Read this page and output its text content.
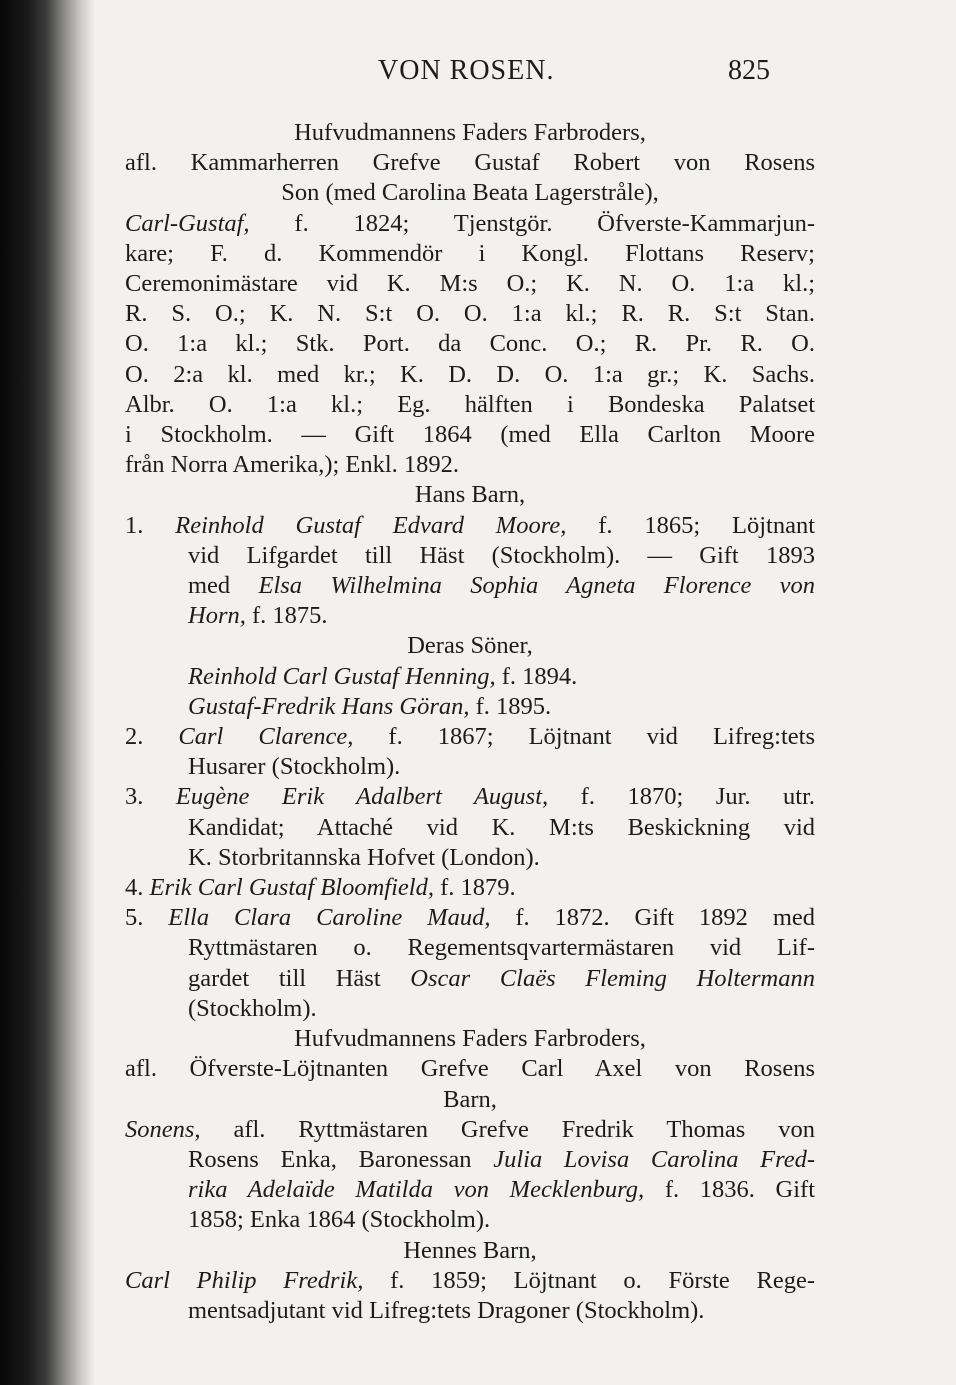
VON ROSEN.	825
Hufvudmannens Faders Farbroders,
afl. Kammarherren Grefve Gustaf Robert von Rosens
Son (med Carolina Beata Lagerstråle),
Carl-Gustaf, f. 1824; Tjenstgör. Öfverste-Kammarjun-
kare; F. d. Kommendör i Kongl. Flottans Reserv;
Ceremonimästare vid K. M:s O.; K. N. O. 1:a kl.;
R. S. O.; K. N. S:t O. O. 1:a kl.; R. R. S:t Stan.
O. 1:a kl.; Stk. Port. da Conc. O.; R. Pr. R. O.
O. 2:a kl. med kr.; K. D. D. O. 1:a gr.; K. Sachs.
Albr. O. 1:a kl.; Eg. hälften i Bondeska Palatset
i Stockholm. — Gift 1864 (med Ella Carlton Moore
från Norra Amerika,); Enkl. 1892.
Hans Barn,
1. Reinhold Gustaf Edvard Moore, f. 1865; Löjtnant
vid Lifgardet till Häst (Stockholm). — Gift 1893
med Elsa Wilhelmina Sophia Agneta Florence von
Horn, f. 1875.
Deras Söner,
Reinhold Carl Gustaf Henning, f. 1894.
Gustaf-Fredrik Hans Göran, f. 1895.
2. Carl Clarence, f. 1867; Löjtnant vid Lifreg:tets
Husarer (Stockholm).
3. Eugène Erik Adalbert August, f. 1870; Jur. utr.
Kandidat; Attaché vid K. M:ts Beskickning vid
K. Storbritannska Hofvet (London).
4. Erik Carl Gustaf Bloomfield, f. 1879.
5. Ella Clara Caroline Maud, f. 1872. Gift 1892 med
Ryttmästaren o. Regementsqvartermästaren vid Lif-
gardet till Häst Oscar Claës Fleming Holtermann
(Stockholm).
Hufvudmannens Faders Farbroders,
afl. Öfverste-Löjtnanten Grefve Carl Axel von Rosens
Barn,
Sonens, afl. Ryttmästaren Grefve Fredrik Thomas von
Rosens Enka, Baronessan Julia Lovisa Carolina Fred-
rika Adelaïde Matilda von Mecklenburg, f. 1836. Gift
1858; Enka 1864 (Stockholm).
Hennes Barn,
Carl Philip Fredrik, f. 1859; Löjtnant o. Förste Rege-
mentsadjutant vid Lifreg:tets Dragoner (Stockholm).
